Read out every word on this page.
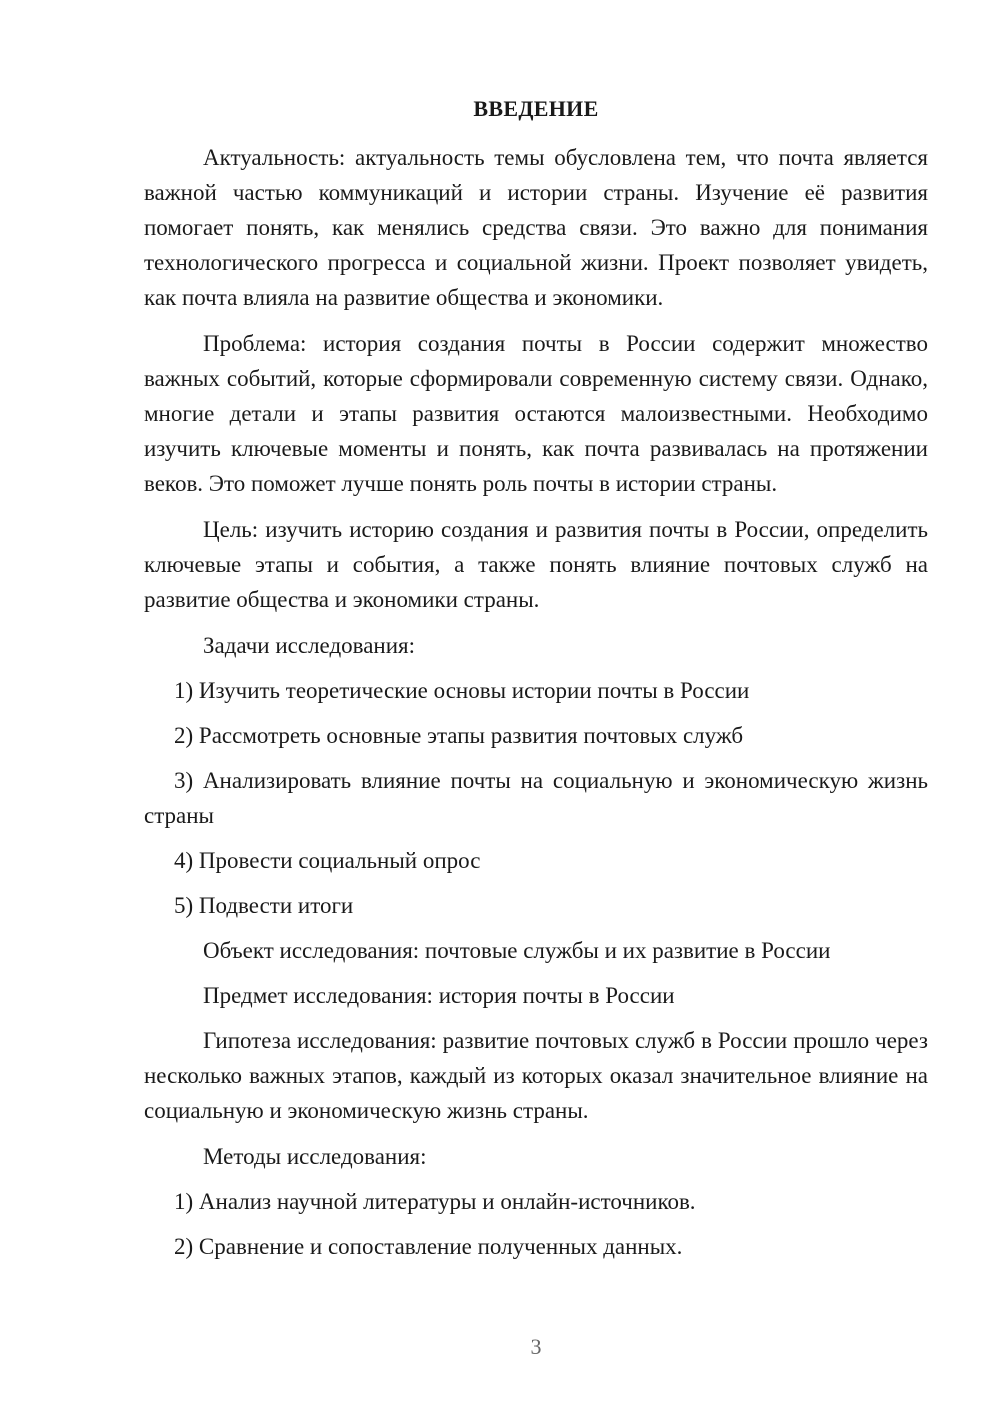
ВВЕДЕНИЕ

Актуальность: актуальность темы обусловлена тем, что почта является важной частью коммуникаций и истории страны. Изучение её развития помогает понять, как менялись средства связи. Это важно для понимания технологического прогресса и социальной жизни. Проект позволяет увидеть, как почта влияла на развитие общества и экономики.

Проблема: история создания почты в России содержит множество важных событий, которые сформировали современную систему связи. Однако, многие детали и этапы развития остаются малоизвестными. Необходимо изучить ключевые моменты и понять, как почта развивалась на протяжении веков. Это поможет лучше понять роль почты в истории страны.

Цель: изучить историю создания и развития почты в России, определить ключевые этапы и события, а также понять влияние почтовых служб на развитие общества и экономики страны.

Задачи исследования:

1) Изучить теоретические основы истории почты в России

2) Рассмотреть основные этапы развития почтовых служб

3) Анализировать влияние почты на социальную и экономическую жизнь страны

4) Провести социальный опрос

5) Подвести итоги

Объект исследования: почтовые службы и их развитие в России

Предмет исследования: история почты в России

Гипотеза исследования: развитие почтовых служб в России прошло через несколько важных этапов, каждый из которых оказал значительное влияние на социальную и экономическую жизнь страны.

Методы исследования:

1) Анализ научной литературы и онлайн-источников.

2) Сравнение и сопоставление полученных данных.

3
